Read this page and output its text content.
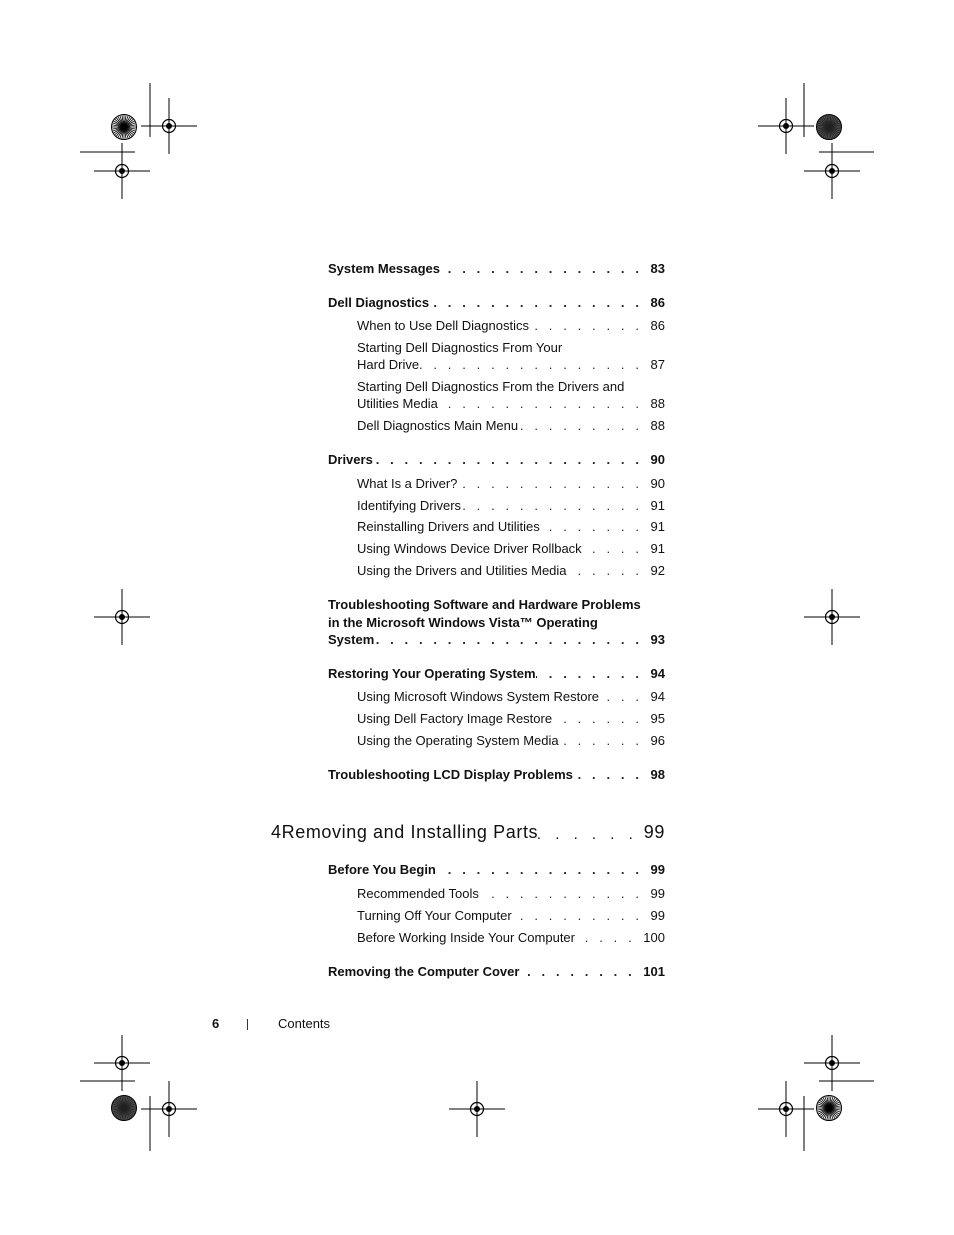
System Messages . . .	83
Dell Diagnostics . . .	86
When to Use Dell Diagnostics . . .	86
Starting Dell Diagnostics From Your
Hard Drive . . .	87
Starting Dell Diagnostics From the Drivers and
Utilities Media . . .	88
Dell Diagnostics Main Menu . . .	88
Drivers . . .	90
What Is a Driver? . . .	90
Identifying Drivers . . .	91
Reinstalling Drivers and Utilities . . .	91
Using Windows Device Driver Rollback . . .	91
Using the Drivers and Utilities Media . . .	92
Troubleshooting Software and Hardware Problems
in the Microsoft Windows Vista™ Operating
System . . .	93
Restoring Your Operating System . . .	94
Using Microsoft Windows System Restore . . .	94
Using Dell Factory Image Restore . . .	95
Using the Operating System Media . . .	96
Troubleshooting LCD Display Problems . . .	98
4 Removing and Installing Parts . . .	99
Before You Begin . . .	99
Recommended Tools . . .	99
Turning Off Your Computer . . .	99
Before Working Inside Your Computer . . .	100
Removing the Computer Cover . . .	101
6	Contents
